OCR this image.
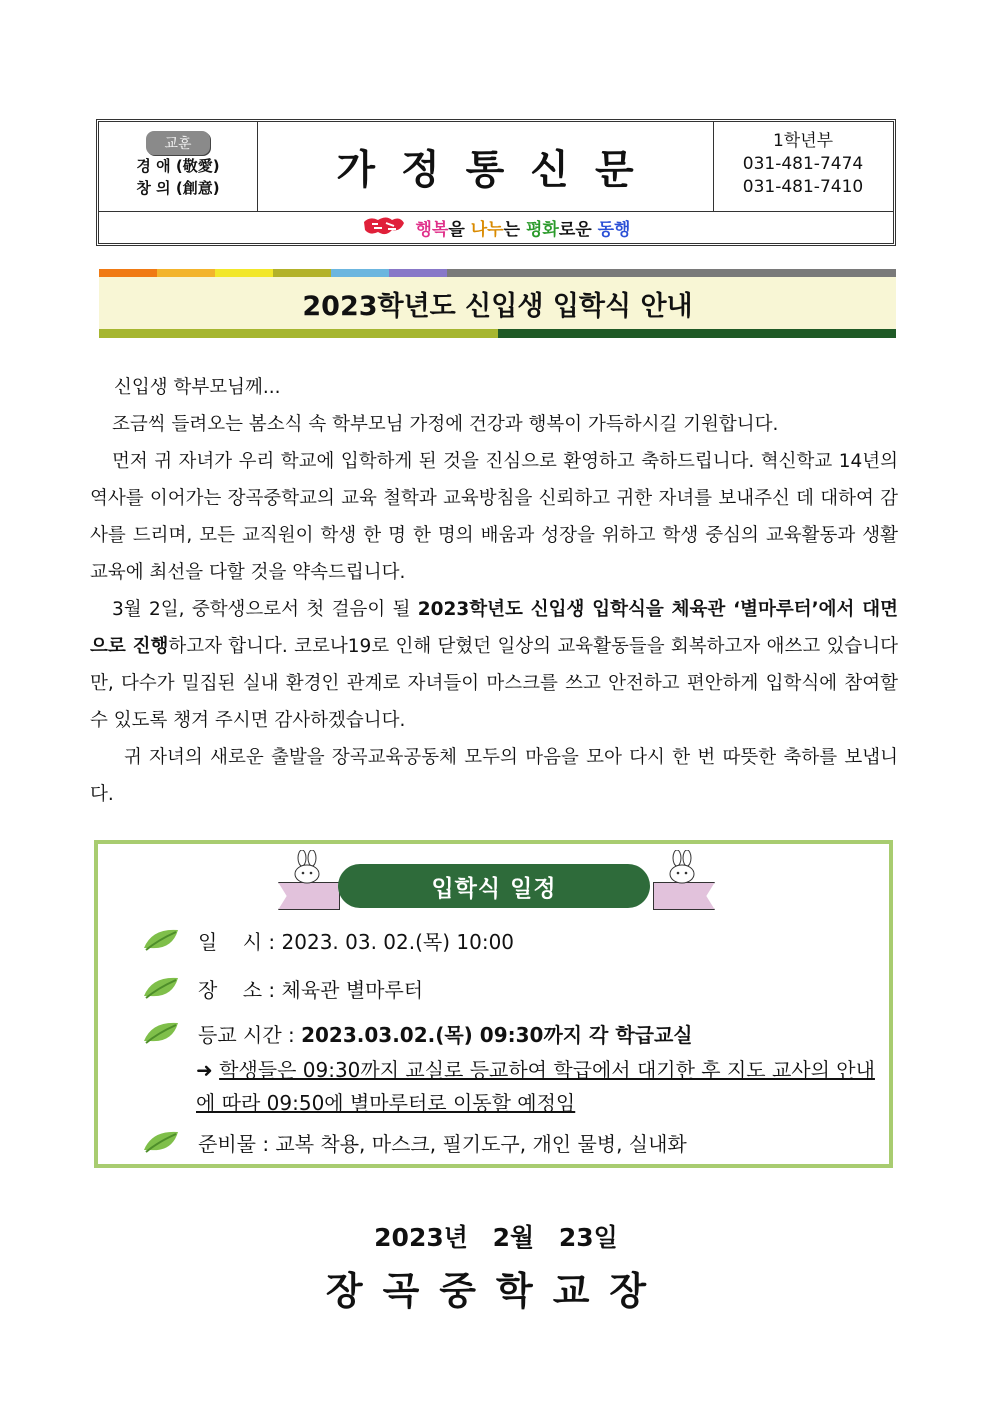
교훈
경 애 (敬愛)
창 의 (創意)	가정통신문
1학년부
031-481-7474
031-481-7410
행복을 나누는 평화로운 동행
2023학년도 신입생 입학식 안내

신입생 학부모님께...

조금씩 들려오는 봄소식 속 학부모님 가정에 건강과 행복이 가득하시길 기원합니다.

먼저 귀 자녀가 우리 학교에 입학하게 된 것을 진심으로 환영하고 축하드립니다. 혁신학교 14년의 역사를 이어가는 장곡중학교의 교육 철학과 교육방침을 신뢰하고 귀한 자녀를 보내주신 데 대하여 감사를 드리며, 모든 교직원이 학생 한 명 한 명의 배움과 성장을 위하고 학생 중심의 교육활동과 생활교육에 최선을 다할 것을 약속드립니다.

3월 2일, 중학생으로서 첫 걸음이 될 2023학년도 신입생 입학식을 체육관 ‘별마루터’에서 대면으로 진행하고자 합니다. 코로나19로 인해 닫혔던 일상의 교육활동들을 회복하고자 애쓰고 있습니다만, 다수가 밀집된 실내 환경인 관계로 자녀들이 마스크를 쓰고 안전하고 편안하게 입학식에 참여할 수 있도록 챙겨 주시면 감사하겠습니다.

귀 자녀의 새로운 출발을 장곡교육공동체 모두의 마음을 모아 다시 한 번 따뜻한 축하를 보냅니다.

입학식 일정
일    시 : 2023. 03. 02.(목) 10:00
장    소 : 체육관 별마루터
등교 시간 : 2023.03.02.(목) 09:30까지 각 학급교실
➜ 학생들은 09:30까지 교실로 등교하여 학급에서 대기한 후 지도 교사의 안내에 따라 09:50에 별마루터로 이동할 예정임
준비물 : 교복 착용, 마스크, 필기도구, 개인 물병, 실내화
2023년 2월 23일
장곡중학교장
